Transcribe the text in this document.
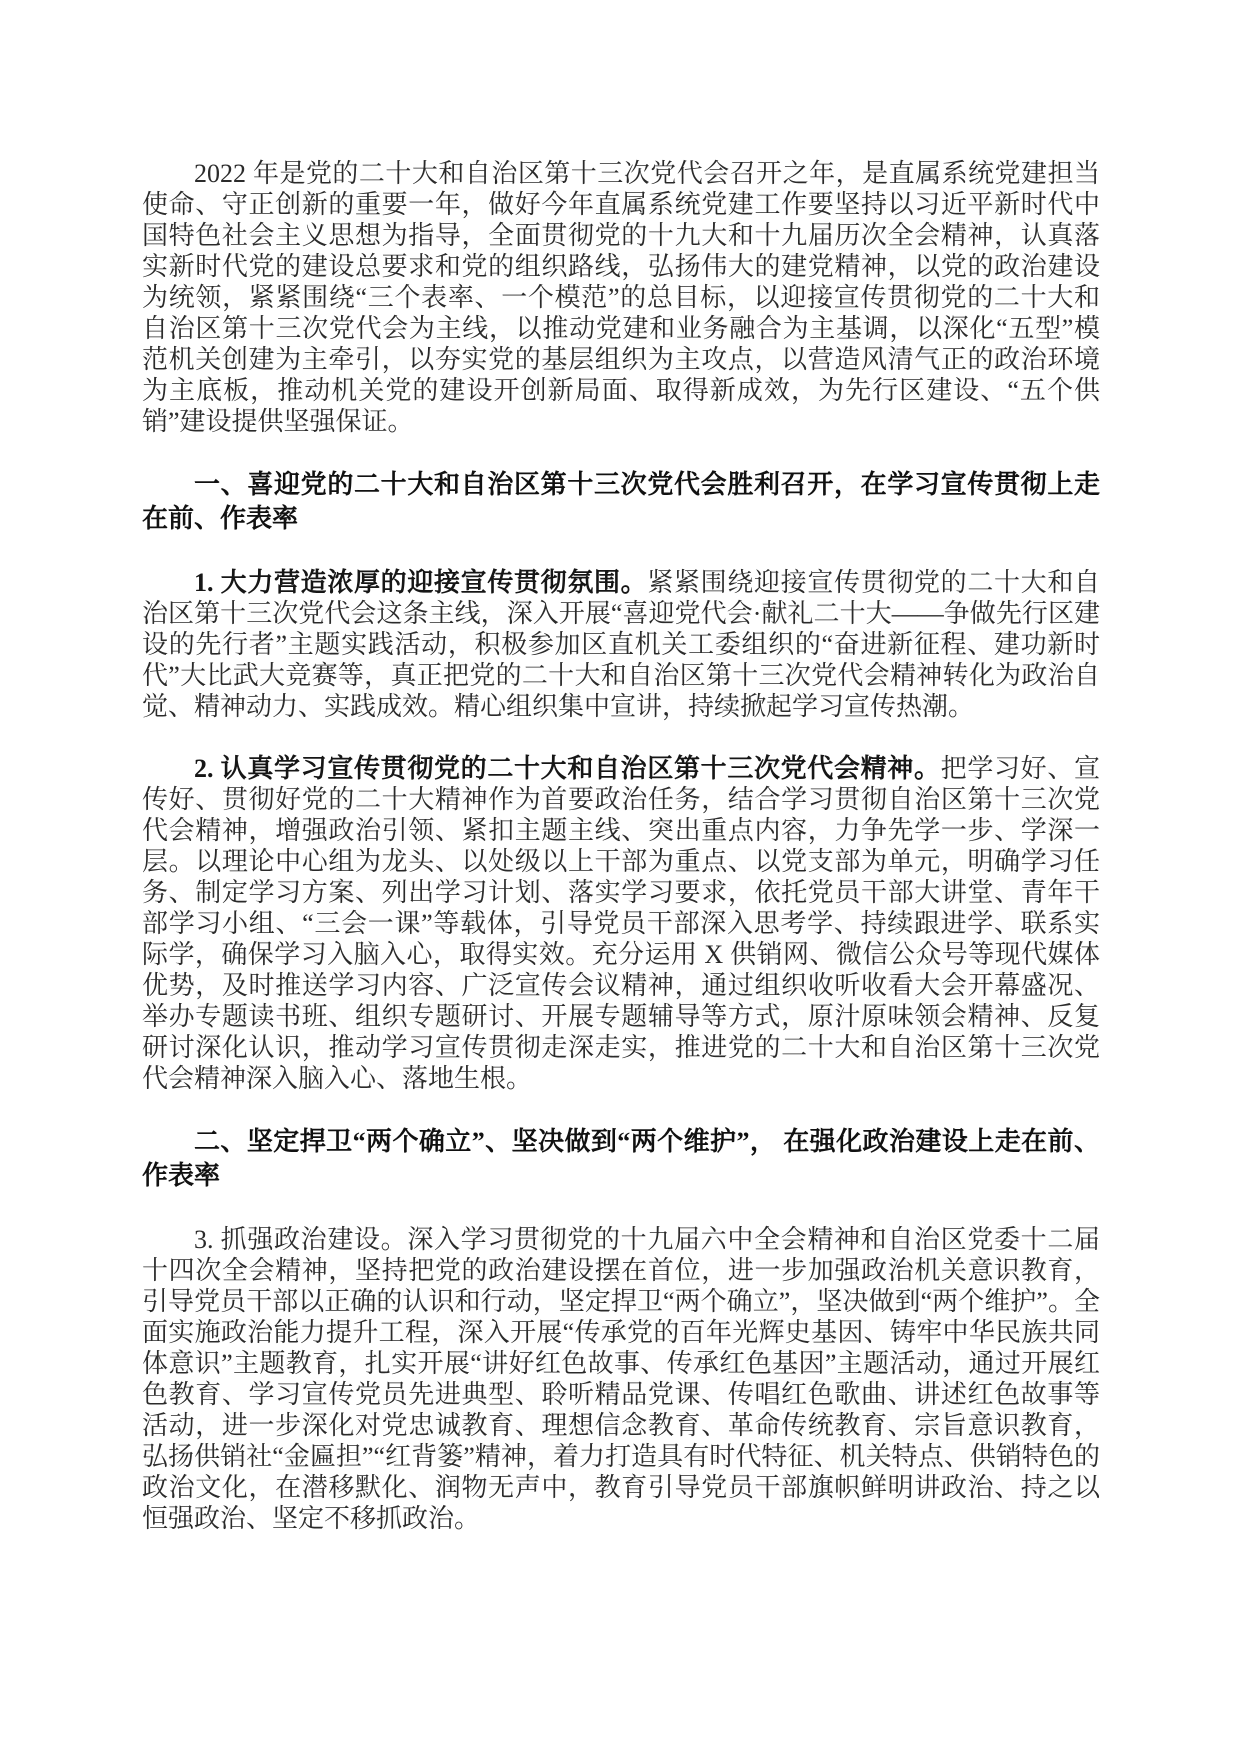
2022 年是党的二十大和自治区第十三次党代会召开之年，是直属系统党建担当使命、守正创新的重要一年，做好今年直属系统党建工作要坚持以习近平新时代中国特色社会主义思想为指导，全面贯彻党的十九大和十九届历次全会精神，认真落实新时代党的建设总要求和党的组织路线，弘扬伟大的建党精神，以党的政治建设为统领，紧紧围绕“三个表率、一个模范”的总目标，以迎接宣传贯彻党的二十大和自治区第十三次党代会为主线，以推动党建和业务融合为主基调，以深化“五型”模范机关创建为主牵引，以夯实党的基层组织为主攻点，以营造风清气正的政治环境为主底板，推动机关党的建设开创新局面、取得新成效，为先行区建设、“五个供销”建设提供坚强保证。

一、喜迎党的二十大和自治区第十三次党代会胜利召开，在学习宣传贯彻上走在前、作表率

1. 大力营造浓厚的迎接宣传贯彻氛围。紧紧围绕迎接宣传贯彻党的二十大和自治区第十三次党代会这条主线，深入开展“喜迎党代会·献礼二十大——争做先行区建设的先行者”主题实践活动，积极参加区直机关工委组织的“奋进新征程、建功新时代”大比武大竞赛等，真正把党的二十大和自治区第十三次党代会精神转化为政治自觉、精神动力、实践成效。精心组织集中宣讲，持续掀起学习宣传热潮。

2. 认真学习宣传贯彻党的二十大和自治区第十三次党代会精神。把学习好、宣传好、贯彻好党的二十大精神作为首要政治任务，结合学习贯彻自治区第十三次党代会精神，增强政治引领、紧扣主题主线、突出重点内容，力争先学一步、学深一层。以理论中心组为龙头、以处级以上干部为重点、以党支部为单元，明确学习任务、制定学习方案、列出学习计划、落实学习要求，依托党员干部大讲堂、青年干部学习小组、“三会一课”等载体，引导党员干部深入思考学、持续跟进学、联系实际学，确保学习入脑入心，取得实效。充分运用 X 供销网、微信公众号等现代媒体优势，及时推送学习内容、广泛宣传会议精神，通过组织收听收看大会开幕盛况、举办专题读书班、组织专题研讨、开展专题辅导等方式，原汁原味领会精神、反复研讨深化认识，推动学习宣传贯彻走深走实，推进党的二十大和自治区第十三次党代会精神深入脑入心、落地生根。

二、坚定捍卫“两个确立”、坚决做到“两个维护”， 在强化政治建设上走在前、作表率

3. 抓强政治建设。深入学习贯彻党的十九届六中全会精神和自治区党委十二届十四次全会精神，坚持把党的政治建设摆在首位，进一步加强政治机关意识教育，引导党员干部以正确的认识和行动，坚定捍卫“两个确立”，坚决做到“两个维护”。全面实施政治能力提升工程，深入开展“传承党的百年光辉史基因、铸牢中华民族共同体意识”主题教育，扎实开展“讲好红色故事、传承红色基因”主题活动，通过开展红色教育、学习宣传党员先进典型、聆听精品党课、传唱红色歌曲、讲述红色故事等活动，进一步深化对党忠诚教育、理想信念教育、革命传统教育、宗旨意识教育，弘扬供销社“金匾担”“红背篓”精神，着力打造具有时代特征、机关特点、供销特色的政治文化，在潜移默化、润物无声中，教育引导党员干部旗帜鲜明讲政治、持之以恒强政治、坚定不移抓政治。
